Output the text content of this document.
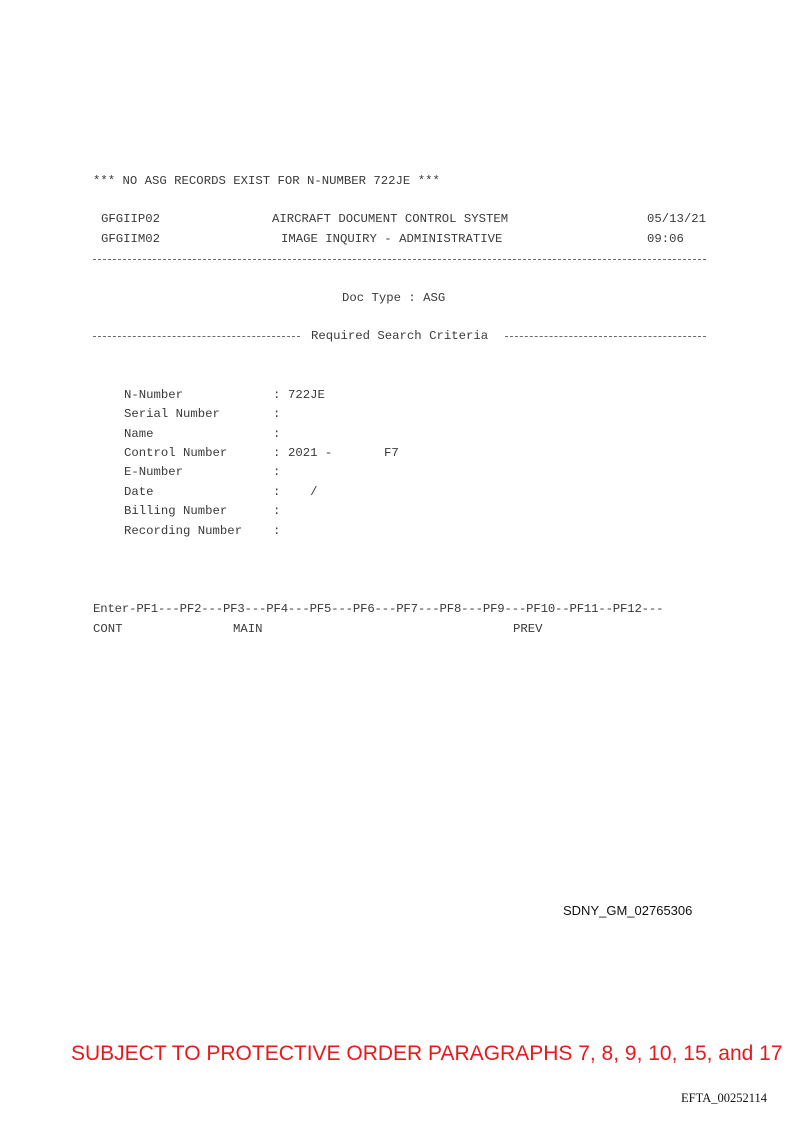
*** NO ASG RECORDS EXIST FOR N-NUMBER 722JE ***
GFGIIP02	AIRCRAFT DOCUMENT CONTROL SYSTEM	05/13/21
GFGIIM02	IMAGE INQUIRY - ADMINISTRATIVE	09:06
Doc Type : ASG
Required Search Criteria
N-Number	: 722JE
Serial Number	:
Name	:
Control Number	: 2021 -	F7
E-Number	:
Date	: /
Billing Number	:
Recording Number	:
Enter-PF1---PF2---PF3---PF4---PF5---PF6---PF7---PF8---PF9---PF10--PF11--PF12---
CONT	MAIN	PREV
SDNY_GM_02765306
SUBJECT TO PROTECTIVE ORDER PARAGRAPHS 7, 8, 9, 10, 15, and 17
EFTA_00252114
